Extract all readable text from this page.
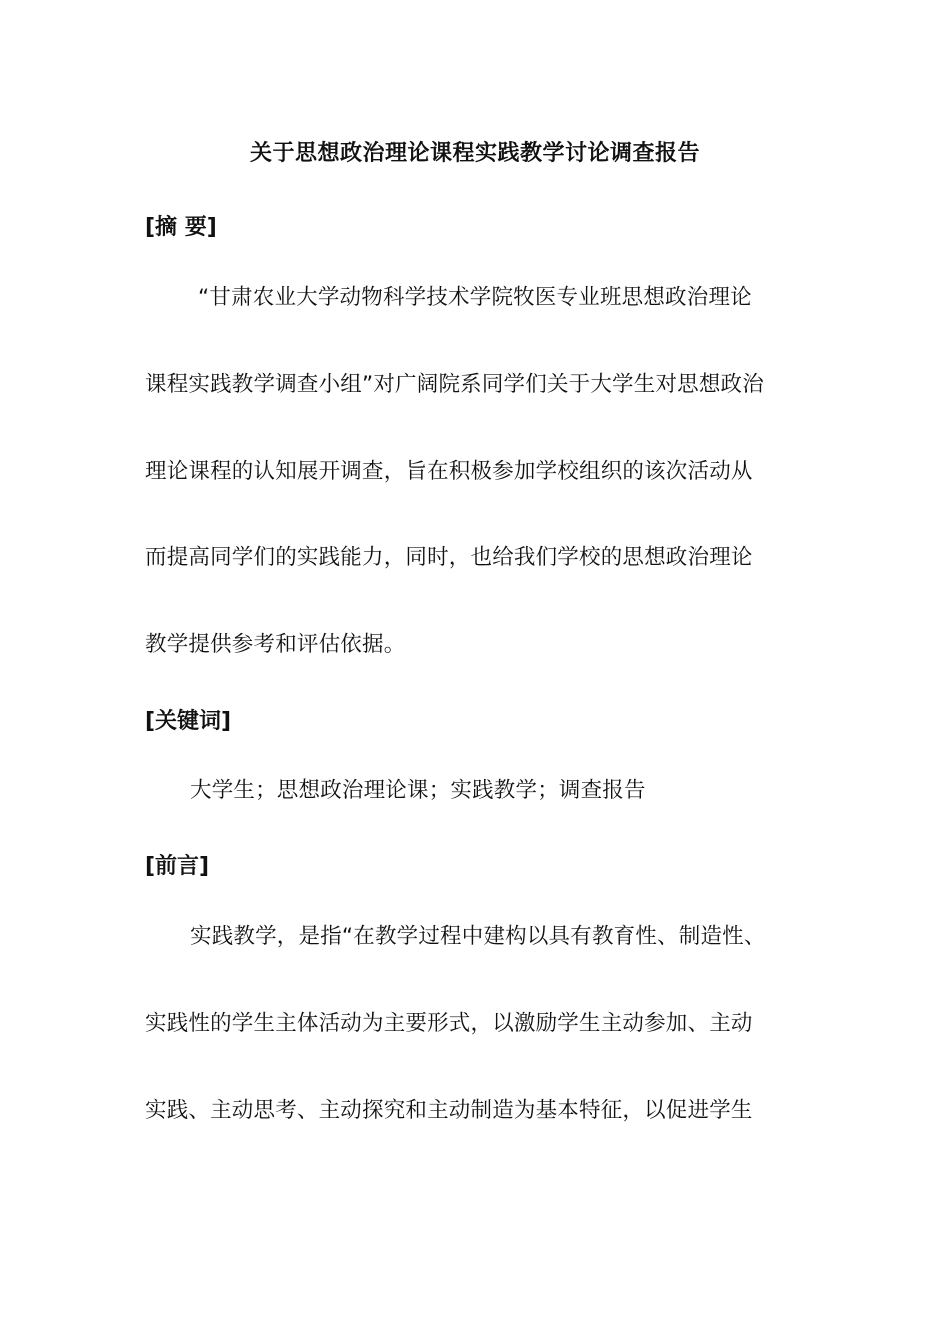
关于思想政治理论课程实践教学讨论调查报告
[摘 要]
“甘肃农业大学动物科学技术学院牧医专业班思想政治理论
课程实践教学调查小组”对广阔院系同学们关于大学生对思想政治
理论课程的认知展开调查，旨在积极参加学校组织的该次活动从
而提高同学们的实践能力，同时，也给我们学校的思想政治理论
教学提供参考和评估依据。
[关键词]
大学生；思想政治理论课；实践教学；调查报告
[前言]
实践教学，是指“在教学过程中建构以具有教育性、制造性、
实践性的学生主体活动为主要形式，以激励学生主动参加、主动
实践、主动思考、主动探究和主动制造为基本特征，以促进学生
